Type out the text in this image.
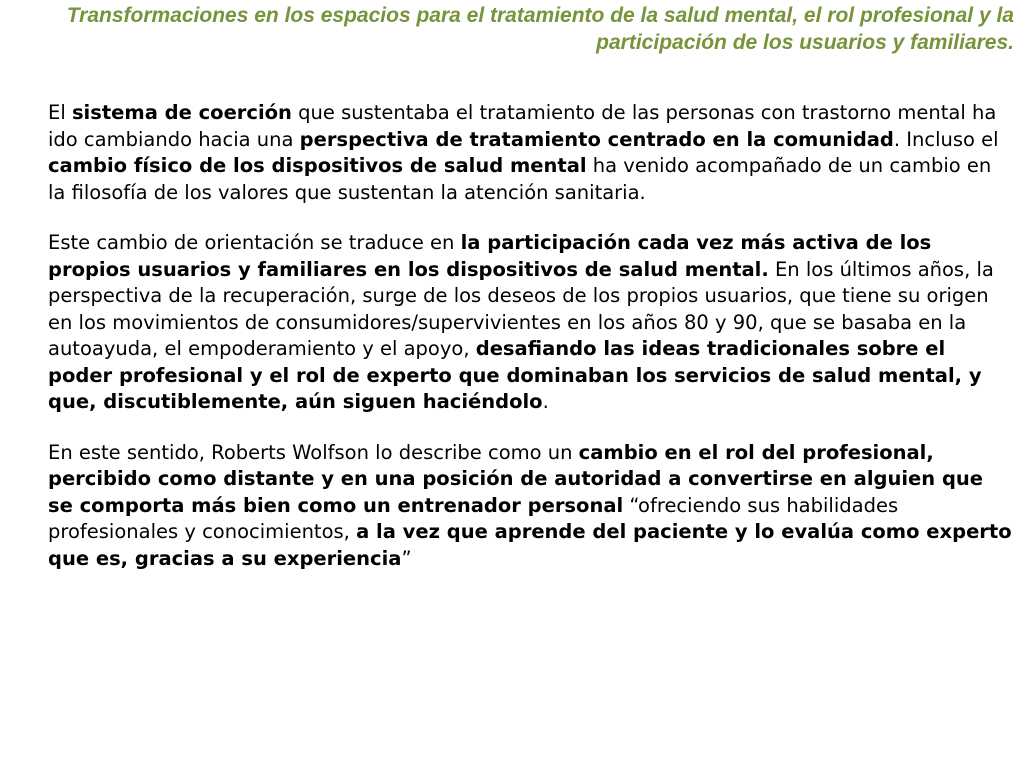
Transformaciones en los espacios para el tratamiento de la salud mental, el rol profesional y la participación de los usuarios y familiares.

El sistema de coerción que sustentaba el tratamiento de las personas con trastorno mental ha ido cambiando hacia una perspectiva de tratamiento centrado en la comunidad. Incluso el cambio físico de los dispositivos de salud mental ha venido acompañado de un cambio en la filosofía de los valores que sustentan la atención sanitaria.

Este cambio de orientación se traduce en la participación cada vez más activa de los propios usuarios y familiares en los dispositivos de salud mental. En los últimos años, la perspectiva de la recuperación, surge de los deseos de los propios usuarios, que tiene su origen en los movimientos de consumidores/supervivientes en los años 80 y 90, que se basaba en la autoayuda, el empoderamiento y el apoyo, desafiando las ideas tradicionales sobre el poder profesional y el rol de experto que dominaban los servicios de salud mental, y que, discutiblemente, aún siguen haciéndolo.

En este sentido, Roberts Wolfson lo describe como un cambio en el rol del profesional, percibido como distante y en una posición de autoridad a convertirse en alguien que se comporta más bien como un entrenador personal “ofreciendo sus habilidades profesionales y conocimientos, a la vez que aprende del paciente y lo evalúa como experto que es, gracias a su experiencia”
